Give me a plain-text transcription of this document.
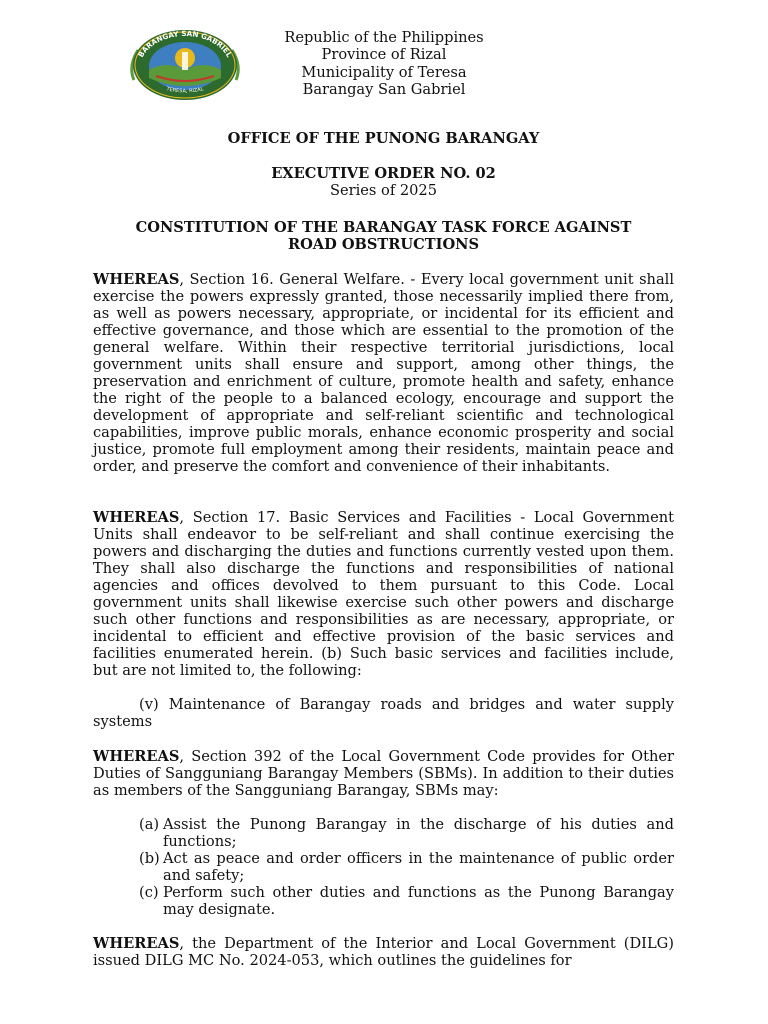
BARANGAY SAN GABRIEL
TERESA, RIZAL
Republic of the Philippines
Province of Rizal
Municipality of Teresa
Barangay San Gabriel
OFFICE OF THE PUNONG BARANGAY
EXECUTIVE ORDER NO. 02
Series of 2025
CONSTITUTION OF THE BARANGAY TASK FORCE AGAINST
ROAD OBSTRUCTIONS

WHEREAS, Section 16. General Welfare. - Every local government unit shall exercise the powers expressly granted, those necessarily implied there from, as well as powers necessary, appropriate, or incidental for its efficient and effective governance, and those which are essential to the promotion of the general welfare. Within their respective territorial jurisdictions, local government units shall ensure and support, among other things, the preservation and enrichment of culture, promote health and safety, enhance the right of the people to a balanced ecology, encourage and support the development of appropriate and self-reliant scientific and technological capabilities, improve public morals, enhance economic prosperity and social justice, promote full employment among their residents, maintain peace and order, and preserve the comfort and convenience of their inhabitants.

WHEREAS, Section 17. Basic Services and Facilities - Local Government Units shall endeavor to be self-reliant and shall continue exercising the powers and discharging the duties and functions currently vested upon them. They shall also discharge the functions and responsibilities of national agencies and offices devolved to them pursuant to this Code. Local government units shall likewise exercise such other powers and discharge such other functions and responsibilities as are necessary, appropriate, or incidental to efficient and effective provision of the basic services and facilities enumerated herein. (b) Such basic services and facilities include, but are not limited to, the following:

(v) Maintenance of Barangay roads and bridges and water supply systems

WHEREAS, Section 392 of the Local Government Code provides for Other Duties of Sangguniang Barangay Members (SBMs). In addition to their duties as members of the Sangguniang Barangay, SBMs may:

(a) Assist the Punong Barangay in the discharge of his duties and functions;
(b) Act as peace and order officers in the maintenance of public order and safety;
(c) Perform such other duties and functions as the Punong Barangay may designate.

WHEREAS, the Department of the Interior and Local Government (DILG) issued DILG MC No. 2024-053, which outlines the guidelines for
